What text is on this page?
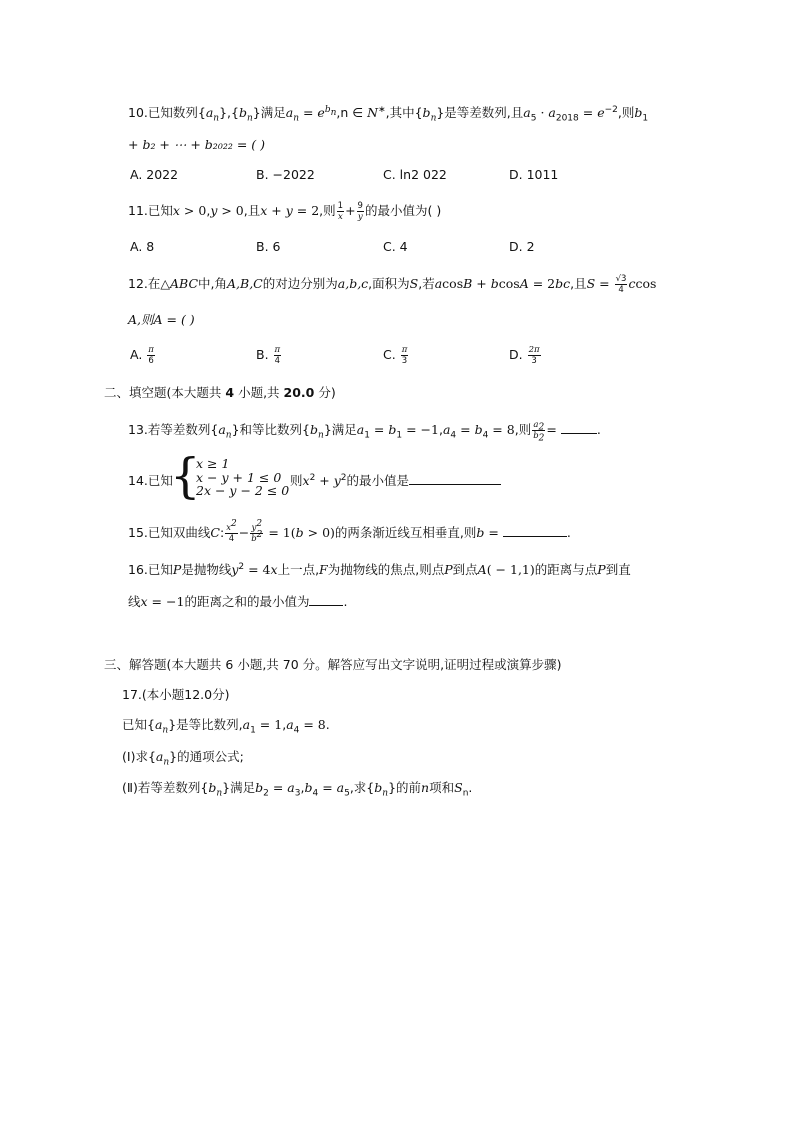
10.已知数列$\{a_n\},\{b_n\}$满足$a_n = e^{b_n},n$ ∈ N∗,其中$\{b_n\}$是等差数列,且$a_5 \cdot a_{2018} = e^{-2}$,则$b_1$
+ b₂ + ⋯ + b₂₀₂₂ = ( )
A. 2022	B. −2022	C. ln2 022	D. 1011
11.已知x > 0,y > 0,且x + y = 2,则 $\frac{1}{x} + \frac{9}{y}$ 的最小值为( )
A. 8	B. 6	C. 4	D. 2
12.在△ABC中,角A,B,C的对边分别为a,b,c,面积为S,若acosB + bcosA = 2bc,且$S = \frac{√3}{4}$ ccos
A,则A = ( )
A. $\frac{\pi}{6}$	B. $\frac{\pi}{4}$	C. $\frac{\pi}{3}$	D. $\frac{2\pi}{3}$
二、填空题(本大题共 4 小题,共 20.0 分)
13.若等差数列$\{a_n\}$和等比数列$\{b_n\}$满足$a_1 = b_1 = -1,a_4 = b_4 = 8$,则 $\frac{a_2}{b_2}$ =	.
14.已知
{
x ≥ 1
x − y + 1 ≤ 0
2x − y − 2 ≤ 0
则$x^2 + y^2$的最小值是
15.已知双曲线C: $\frac{x^2}{4} - \frac{y^2}{b^2} = 1(b > 0)$的两条渐近线互相垂直,则b =	.
16.已知P是抛物线$y^2 = 4x$上一点,F为抛物线的焦点,则点P到点A( − 1,1)的距离与点P到直
线x = −1的距离之和的最小值为	.
三、解答题(本大题共 6 小题,共 70 分。解答应写出文字说明,证明过程或演算步骤)
17.(本小题12.0分)
已知$\{a_n\}$是等比数列$,a_1 = 1,a_4 = 8$.
(Ⅰ)求$\{a_n\}$的通项公式;
(Ⅱ)若等差数列$\{b_n\}$满足$b_2 = a_3,b_4 = a_5$,求$\{b_n\}$的前n项和$S_n$.
